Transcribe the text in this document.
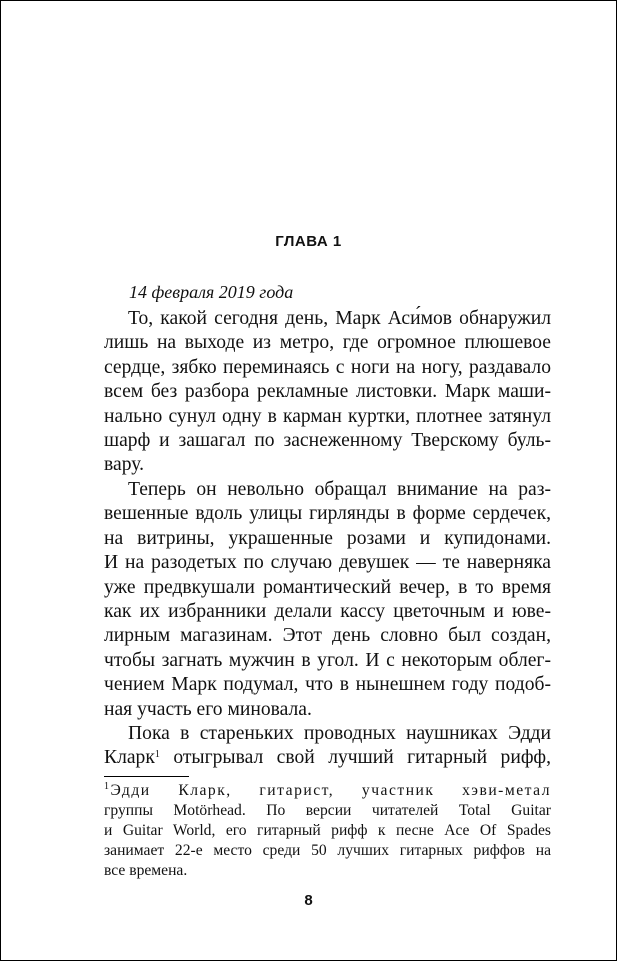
ГЛАВА 1
14 февраля 2019 года
То, какой сегодня день, Марк Аси́мов обнаружил
лишь на выходе из метро, где огромное плюшевое
сердце, зябко переминаясь с ноги на ногу, раздавало
всем без разбора рекламные листовки. Марк маши-
нально сунул одну в карман куртки, плотнее затянул
шарф и зашагал по заснеженному Тверскому буль-
вару.
Теперь он невольно обращал внимание на раз-
вешенные вдоль улицы гирлянды в форме сердечек,
на витрины, украшенные розами и купидонами.
И на разодетых по случаю девушек — те наверняка
уже предвкушали романтический вечер, в то время
как их избранники делали кассу цветочным и юве-
лирным магазинам. Этот день словно был создан,
чтобы загнать мужчин в угол. И с некоторым облег-
чением Марк подумал, что в нынешнем году подоб-
ная участь его миновала.
Пока в стареньких проводных наушниках Эдди
Кларк$^1$ отыгрывал свой лучший гитарный рифф,
$^1$Эдди Кларк, гитарист, участник хэви-метал
группы Motörhead. По версии читателей Total Guitar
и Guitar World, его гитарный рифф к песне Ace Of Spades
занимает 22-е место среди 50 лучших гитарных риффов на
все времена.
8
